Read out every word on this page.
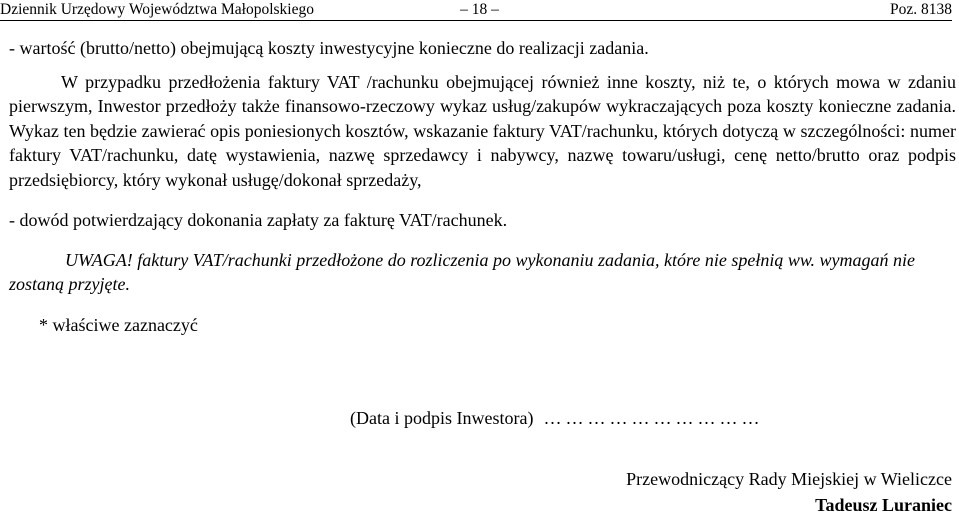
Dziennik Urzędowy Województwa Małopolskiego	– 18 –	Poz. 8138

- wartość (brutto/netto) obejmującą koszty inwestycyjne konieczne do realizacji zadania.

W przypadku przedłożenia faktury VAT /rachunku obejmującej również inne koszty, niż te, o których mowa w zdaniu pierwszym, Inwestor przedłoży także finansowo-rzeczowy wykaz usług/zakupów wykraczających poza koszty konieczne zadania. Wykaz ten będzie zawierać opis poniesionych kosztów, wskazanie faktury VAT/rachunku, których dotyczą w szczególności: numer faktury VAT/rachunku, datę wystawienia, nazwę sprzedawcy i nabywcy, nazwę towaru/usługi, cenę netto/brutto oraz podpis przedsiębiorcy, który wykonał usługę/dokonał sprzedaży,

- dowód potwierdzający dokonania zapłaty za fakturę VAT/rachunek.

UWAGA! faktury VAT/rachunki przedłożone do rozliczenia po wykonaniu zadania, które nie spełnią ww. wymagań nie zostaną przyjęte.

* właściwe zaznaczyć

(Data i podpis Inwestora) …………………………
Przewodniczący Rady Miejskiej w Wieliczce
Tadeusz Luraniec
